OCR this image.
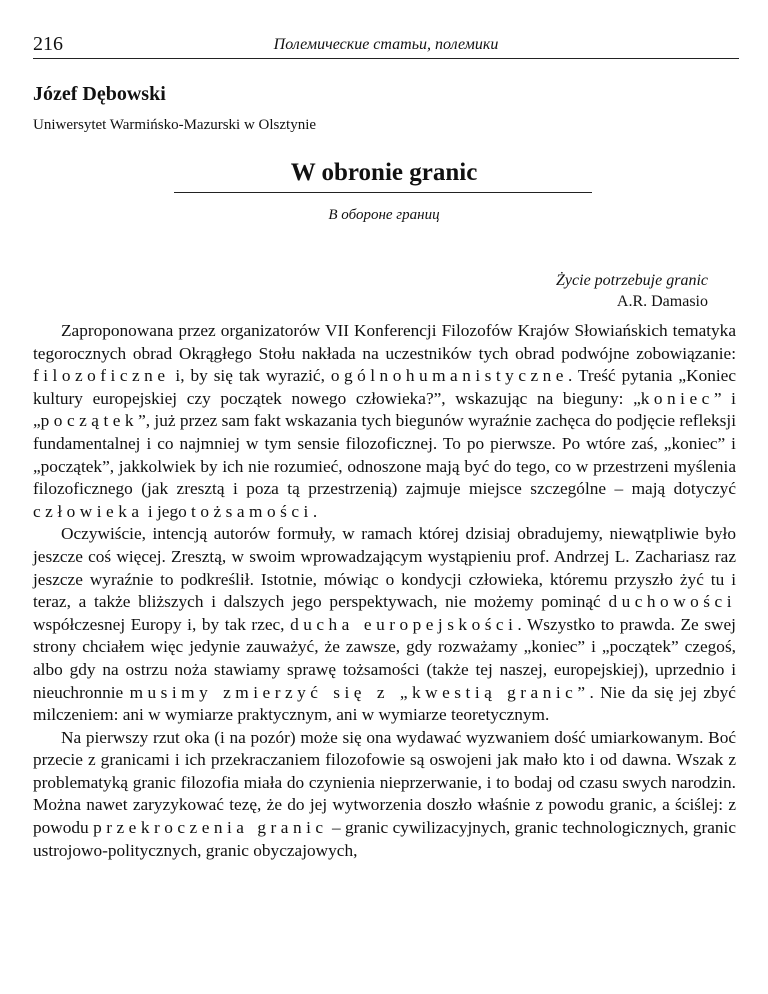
216	Полемические статьи, полемики
Józef Dębowski
Uniwersytet Warmińsko-Mazurski w Olsztynie
W obronie granic
В обороне границ
Życie potrzebuje granic
A.R. Damasio

Zaproponowana przez organizatorów VII Konferencji Filozofów Krajów Słowiańskich tematyka tegorocznych obrad Okrągłego Stołu nakłada na uczestników tych obrad podwójne zobowiązanie: filozoficzne i, by się tak wyrazić, ogólnohumanistyczne. Treść pytania „Koniec kultury europejskiej czy początek nowego człowieka?”, wskazując na bieguny: „koniec” i „początek”, już przez sam fakt wskazania tych biegunów wyraźnie zachęca do podjęcie refleksji fundamentalnej i co najmniej w tym sensie filozoficznej. To po pierwsze. Po wtóre zaś, „koniec” i „początek”, jakkolwiek by ich nie rozumieć, odnoszone mają być do tego, co w przestrzeni myślenia filozoficznego (jak zresztą i poza tą przestrzenią) zajmuje miejsce szczególne – mają dotyczyć człowieka i jego tożsamości.

Oczywiście, intencją autorów formuły, w ramach której dzisiaj obradujemy, niewątpliwie było jeszcze coś więcej. Zresztą, w swoim wprowadzającym wystąpieniu prof. Andrzej L. Zachariasz raz jeszcze wyraźnie to podkreślił. Istotnie, mówiąc o kondycji człowieka, któremu przyszło żyć tu i teraz, a także bliższych i dalszych jego perspektywach, nie możemy pominąć duchowości współczesnej Europy i, by tak rzec, ducha europejskości. Wszystko to prawda. Ze swej strony chciałem więc jedynie zauważyć, że zawsze, gdy rozważamy „koniec” i „początek” czegoś, albo gdy na ostrzu noża stawiamy sprawę tożsamości (także tej naszej, europejskiej), uprzednio i nieuchronnie musimy zmierzyć się z „kwestią granic”. Nie da się jej zbyć milczeniem: ani w wymiarze praktycznym, ani w wymiarze teoretycznym.

Na pierwszy rzut oka (i na pozór) może się ona wydawać wyzwaniem dość umiarkowanym. Boć przecie z granicami i ich przekraczaniem filozofowie są oswojeni jak mało kto i od dawna. Wszak z problematyką granic filozofia miała do czynienia nieprzerwanie, i to bodaj od czasu swych narodzin. Można nawet zaryzykować tezę, że do jej wytworzenia doszło właśnie z powodu granic, a ściślej: z powodu przekroczenia granic – granic cywilizacyjnych, granic technologicznych, granic ustrojowo-politycznych, granic obyczajowych,
